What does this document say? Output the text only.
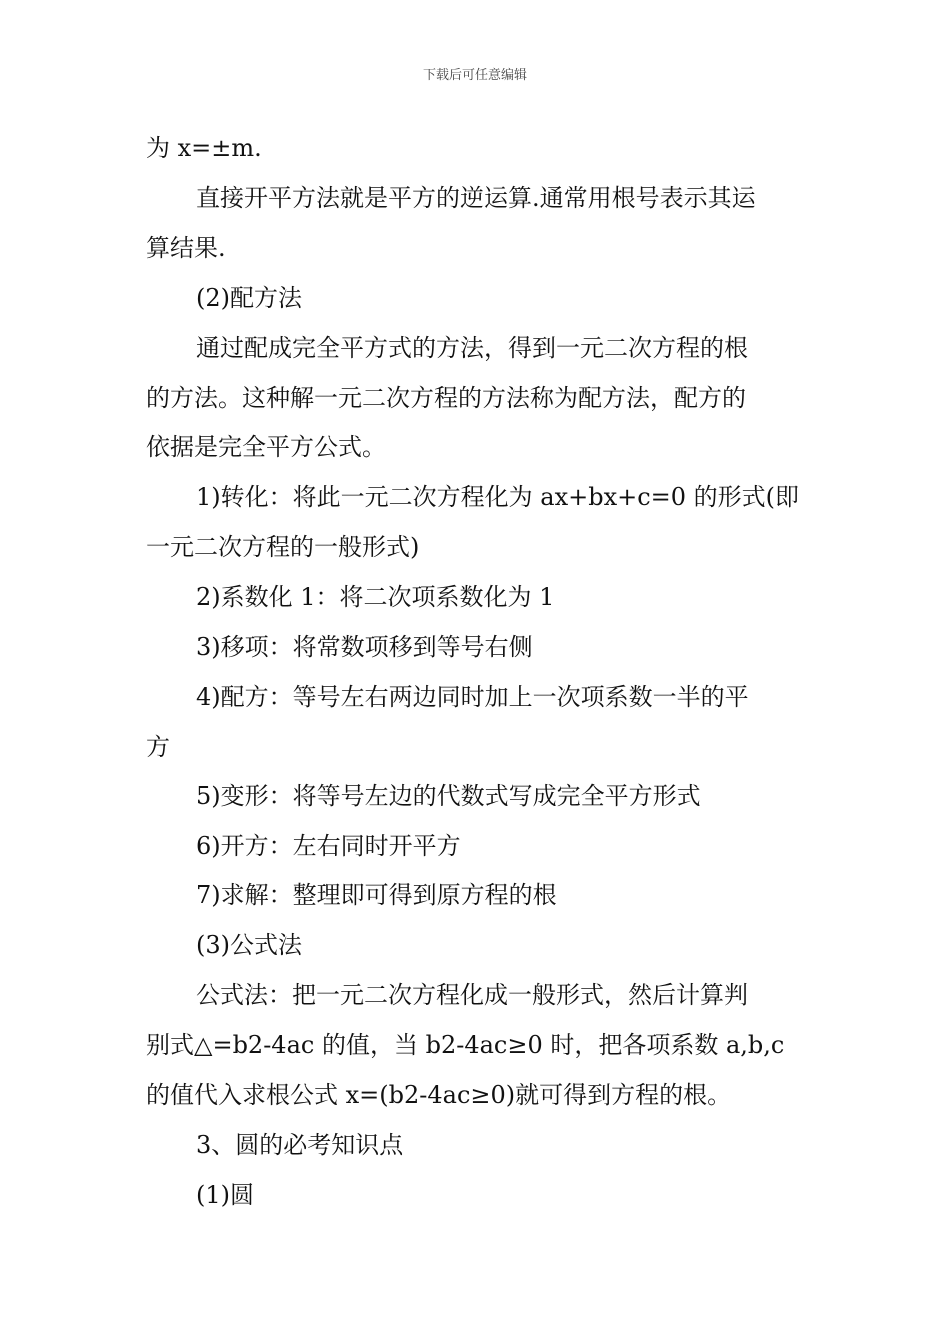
下载后可任意编辑
为 x=±m.
直接开平方法就是平方的逆运算.通常用根号表示其运
算结果.
(2)配方法
通过配成完全平方式的方法，得到一元二次方程的根
的方法。这种解一元二次方程的方法称为配方法，配方的
依据是完全平方公式。
1)转化：将此一元二次方程化为 ax+bx+c=0 的形式(即
一元二次方程的一般形式)
2)系数化 1：将二次项系数化为 1
3)移项：将常数项移到等号右侧
4)配方：等号左右两边同时加上一次项系数一半的平
方
5)变形：将等号左边的代数式写成完全平方形式
6)开方：左右同时开平方
7)求解：整理即可得到原方程的根
(3)公式法
公式法：把一元二次方程化成一般形式，然后计算判
别式△=b2-4ac 的值，当 b2-4ac≥0 时，把各项系数 a,b,c
的值代入求根公式 x=(b2-4ac≥0)就可得到方程的根。
3、圆的必考知识点
(1)圆
